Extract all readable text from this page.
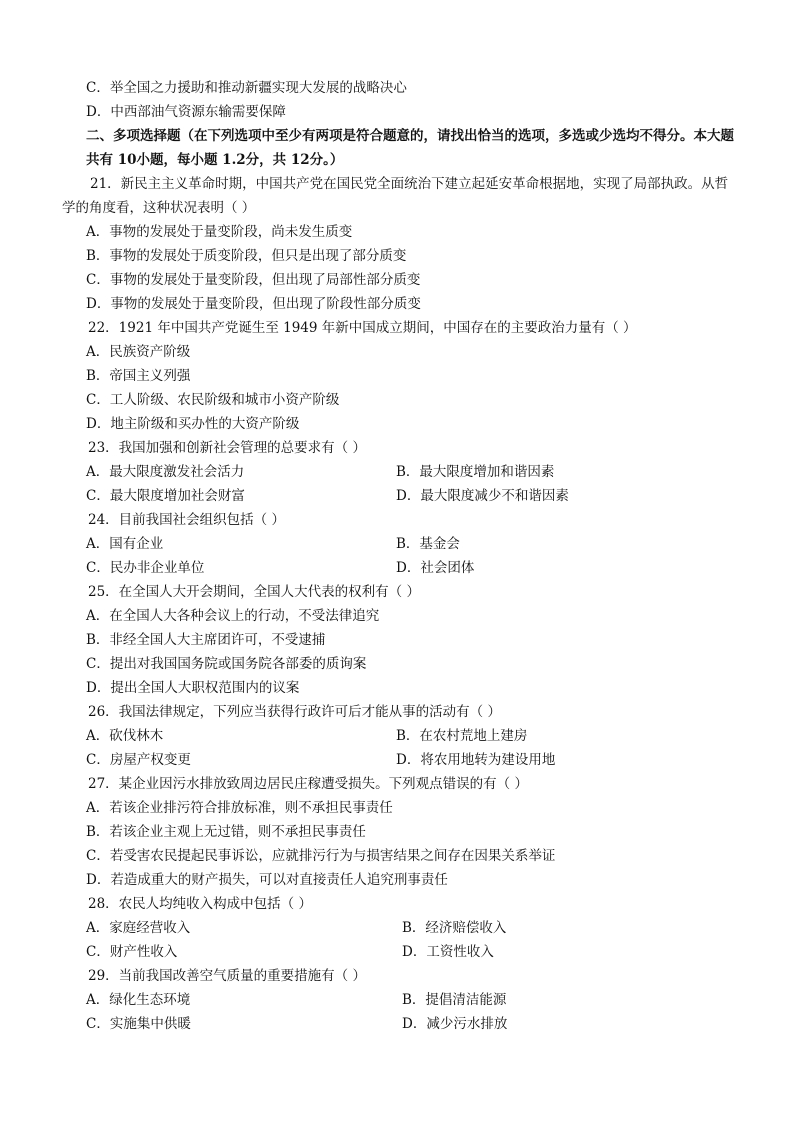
C．举全国之力援助和推动新疆实现大发展的战略决心
D．中西部油气资源东输需要保障
二、多项选择题（在下列选项中至少有两项是符合题意的，请找出恰当的选项，多选或少选均不得分。本大题共有 10小题，每小题 1.2分，共 12分。）
21．新民主主义革命时期，中国共产党在国民党全面统治下建立起延安革命根据地，实现了局部执政。从哲学的角度看，这种状况表明（ ）
A．事物的发展处于量变阶段，尚未发生质变
B．事物的发展处于质变阶段，但只是出现了部分质变
C．事物的发展处于量变阶段，但出现了局部性部分质变
D．事物的发展处于量变阶段，但出现了阶段性部分质变
22．1921 年中国共产党诞生至 1949 年新中国成立期间，中国存在的主要政治力量有（ ）
A．民族资产阶级
B．帝国主义列强
C．工人阶级、农民阶级和城市小资产阶级
D．地主阶级和买办性的大资产阶级
23．我国加强和创新社会管理的总要求有（ ）
A．最大限度激发社会活力	B．最大限度增加和谐因素
C．最大限度增加社会财富	D．最大限度减少不和谐因素
24．目前我国社会组织包括（ ）
A．国有企业	B．基金会
C．民办非企业单位	D．社会团体
25．在全国人大开会期间，全国人大代表的权利有（ ）
A．在全国人大各种会议上的行动，不受法律追究
B．非经全国人大主席团许可，不受逮捕
C．提出对我国国务院或国务院各部委的质询案
D．提出全国人大职权范围内的议案
26．我国法律规定，下列应当获得行政许可后才能从事的活动有（ ）
A．砍伐林木	B．在农村荒地上建房
C．房屋产权变更	D．将农用地转为建设用地
27．某企业因污水排放致周边居民庄稼遭受损失。下列观点错误的有（ ）
A．若该企业排污符合排放标准，则不承担民事责任
B．若该企业主观上无过错，则不承担民事责任
C．若受害农民提起民事诉讼，应就排污行为与损害结果之间存在因果关系举证
D．若造成重大的财产损失，可以对直接责任人追究刑事责任
28．农民人均纯收入构成中包括（ ）
A．家庭经营收入	B．经济赔偿收入
C．财产性收入	D．工资性收入
29．当前我国改善空气质量的重要措施有（ ）
A．绿化生态环境	B．提倡清洁能源
C．实施集中供暖	D．减少污水排放
